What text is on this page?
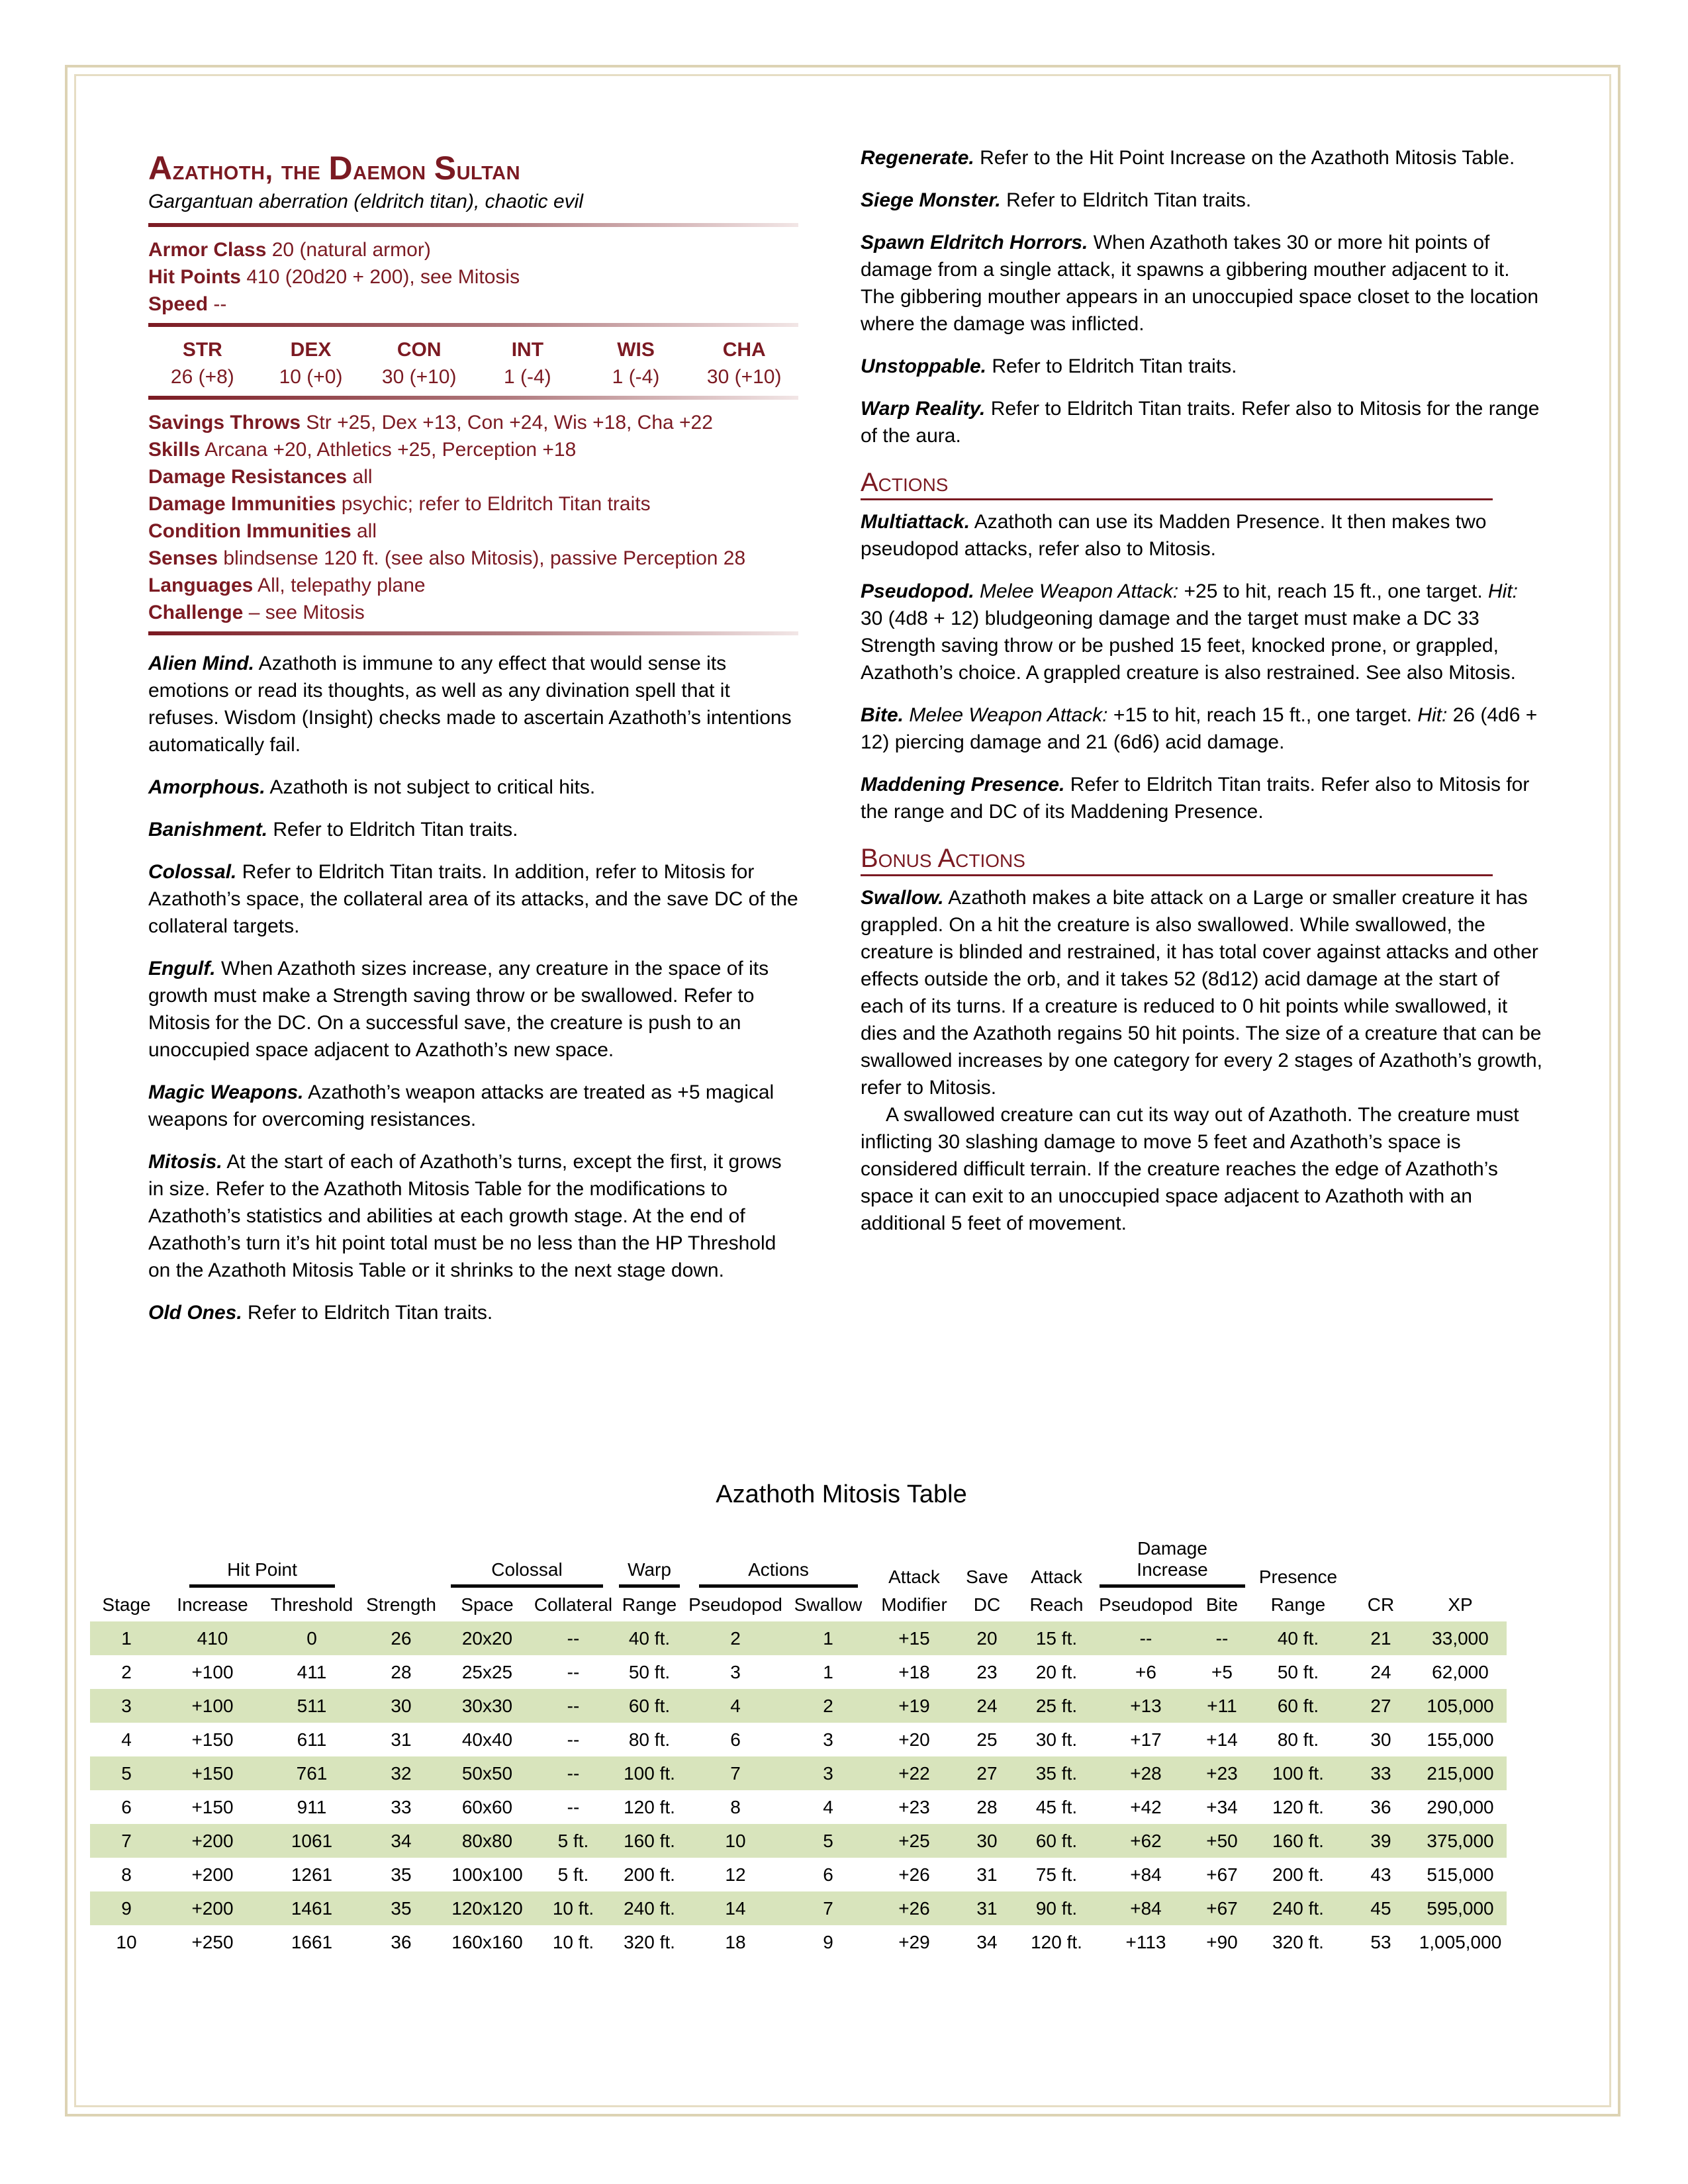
Azathoth, the Daemon Sultan

Gargantuan aberration (eldritch titan), chaotic evil

Armor Class 20 (natural armor)

Hit Points 410 (20d20 + 200), see Mitosis

Speed --

STR	DEX	CON	INT	WIS	CHA
26 (+8)	10 (+0)	30 (+10)	1 (-4)	1 (-4)	30 (+10)

Savings Throws Str +25, Dex +13, Con +24, Wis +18, Cha +22

Skills Arcana +20, Athletics +25, Perception +18

Damage Resistances all

Damage Immunities psychic; refer to Eldritch Titan traits

Condition Immunities all

Senses blindsense 120 ft. (see also Mitosis), passive Perception 28

Languages All, telepathy plane

Challenge – see Mitosis

Alien Mind. Azathoth is immune to any effect that would sense its emotions or read its thoughts, as well as any divination spell that it refuses. Wisdom (Insight) checks made to ascertain Azathoth’s intentions automatically fail.

Amorphous. Azathoth is not subject to critical hits.

Banishment. Refer to Eldritch Titan traits.

Colossal. Refer to Eldritch Titan traits. In addition, refer to Mitosis for Azathoth’s space, the collateral area of its attacks, and the save DC of the collateral targets.

Engulf. When Azathoth sizes increase, any creature in the space of its growth must make a Strength saving throw or be swallowed. Refer to Mitosis for the DC. On a successful save, the creature is push to an unoccupied space adjacent to Azathoth’s new space.

Magic Weapons. Azathoth’s weapon attacks are treated as +5 magical weapons for overcoming resistances.

Mitosis. At the start of each of Azathoth’s turns, except the first, it grows in size. Refer to the Azathoth Mitosis Table for the modifications to Azathoth’s statistics and abilities at each growth stage. At the end of Azathoth’s turn it’s hit point total must be no less than the HP Threshold on the Azathoth Mitosis Table or it shrinks to the next stage down.

Old Ones. Refer to Eldritch Titan traits.

Regenerate. Refer to the Hit Point Increase on the Azathoth Mitosis Table.

Siege Monster. Refer to Eldritch Titan traits.

Spawn Eldritch Horrors. When Azathoth takes 30 or more hit points of damage from a single attack, it spawns a gibbering mouther adjacent to it. The gibbering mouther appears in an unoccupied space closet to the location where the damage was inflicted.

Unstoppable. Refer to Eldritch Titan traits.

Warp Reality. Refer to Eldritch Titan traits. Refer also to Mitosis for the range of the aura.

Actions

Multiattack. Azathoth can use its Madden Presence. It then makes two pseudopod attacks, refer also to Mitosis.

Pseudopod. Melee Weapon Attack: +25 to hit, reach 15 ft., one target. Hit: 30 (4d8 + 12) bludgeoning damage and the target must make a DC 33 Strength saving throw or be pushed 15 feet, knocked prone, or grappled, Azathoth’s choice. A grappled creature is also restrained. See also Mitosis.

Bite. Melee Weapon Attack: +15 to hit, reach 15 ft., one target. Hit: 26 (4d6 + 12) piercing damage and 21 (6d6) acid damage.

Maddening Presence. Refer to Eldritch Titan traits. Refer also to Mitosis for the range and DC of its Maddening Presence.

Bonus Actions

Swallow. Azathoth makes a bite attack on a Large or smaller creature it has grappled. On a hit the creature is also swallowed. While swallowed, the creature is blinded and restrained, it has total cover against attacks and other effects outside the orb, and it takes 52 (8d12) acid damage at the start of each of its turns. If a creature is reduced to 0 hit points while swallowed, it dies and the Azathoth regains 50 hit points. The size of a creature that can be swallowed increases by one category for every 2 stages of Azathoth’s growth, refer to Mitosis.

A swallowed creature can cut its way out of Azathoth. The creature must inflicting 30 slashing damage to move 5 feet and Azathoth’s space is considered difficult terrain. If the creature reaches the edge of Azathoth’s space it can exit to an unoccupied space adjacent to Azathoth with an additional 5 feet of movement.

Azathoth Mitosis Table
	Hit Point			Colossal		Warp	Actions		Attack	Save	Attack	Damage Increase		Presence		
Stage	Increase	Threshold	Strength	Space	Collateral	Range	Pseudopod	Swallow	Modifier	DC	Reach	Pseudopod	Bite	Range	CR	XP
1	410	0	26	20x20	--	40 ft.	2	1	+15	20	15 ft.	--	--	40 ft.	21	33,000
2	+100	411	28	25x25	--	50 ft.	3	1	+18	23	20 ft.	+6	+5	50 ft.	24	62,000
3	+100	511	30	30x30	--	60 ft.	4	2	+19	24	25 ft.	+13	+11	60 ft.	27	105,000
4	+150	611	31	40x40	--	80 ft.	6	3	+20	25	30 ft.	+17	+14	80 ft.	30	155,000
5	+150	761	32	50x50	--	100 ft.	7	3	+22	27	35 ft.	+28	+23	100 ft.	33	215,000
6	+150	911	33	60x60	--	120 ft.	8	4	+23	28	45 ft.	+42	+34	120 ft.	36	290,000
7	+200	1061	34	80x80	5 ft.	160 ft.	10	5	+25	30	60 ft.	+62	+50	160 ft.	39	375,000
8	+200	1261	35	100x100	5 ft.	200 ft.	12	6	+26	31	75 ft.	+84	+67	200 ft.	43	515,000
9	+200	1461	35	120x120	10 ft.	240 ft.	14	7	+26	31	90 ft.	+84	+67	240 ft.	45	595,000
10	+250	1661	36	160x160	10 ft.	320 ft.	18	9	+29	34	120 ft.	+113	+90	320 ft.	53	1,005,000
